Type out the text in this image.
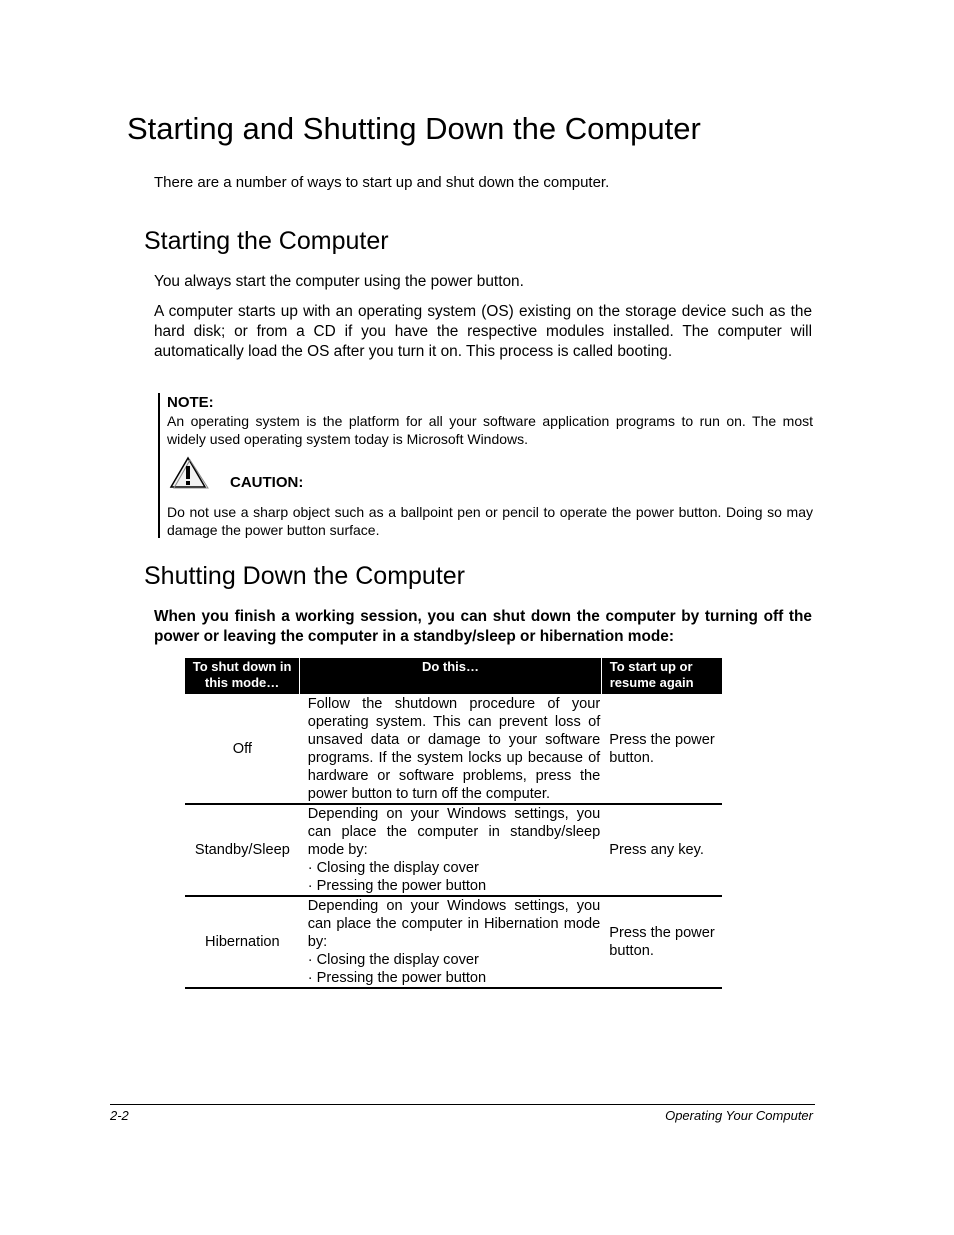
Starting and Shutting Down the Computer
There are a number of ways to start up and shut down the computer.
Starting the Computer
You always start the computer using the power button.
A computer starts up with an operating system (OS) existing on the storage device such as the hard disk; or from a CD if you have the respective modules installed. The computer will automatically load the OS after you turn it on. This process is called booting.
NOTE:
An operating system is the platform for all your software application programs to run on. The most widely used operating system today is Microsoft Windows.
CAUTION:
Do not use a sharp object such as a ballpoint pen or pencil to operate the power button. Doing so may damage the power button surface.
Shutting Down the Computer
When you finish a working session, you can shut down the computer by turning off the power or leaving the computer in a standby/sleep or hibernation mode:
To shut down in this mode…	Do this…	To start up or resume again
Off	Follow the shutdown procedure of your operating system. This can prevent loss of unsaved data or damage to your software programs. If the system locks up because of hardware or software problems, press the power button to turn off the computer.	Press the power button.
Standby/Sleep	Depending on your Windows settings, you can place the computer in standby/sleep mode by:
· Closing the display cover
· Pressing the power button	Press any key.
Hibernation	Depending on your Windows settings, you can place the computer in Hibernation mode by:
· Closing the display cover
· Pressing the power button	Press the power button.
2-2	Operating Your Computer
